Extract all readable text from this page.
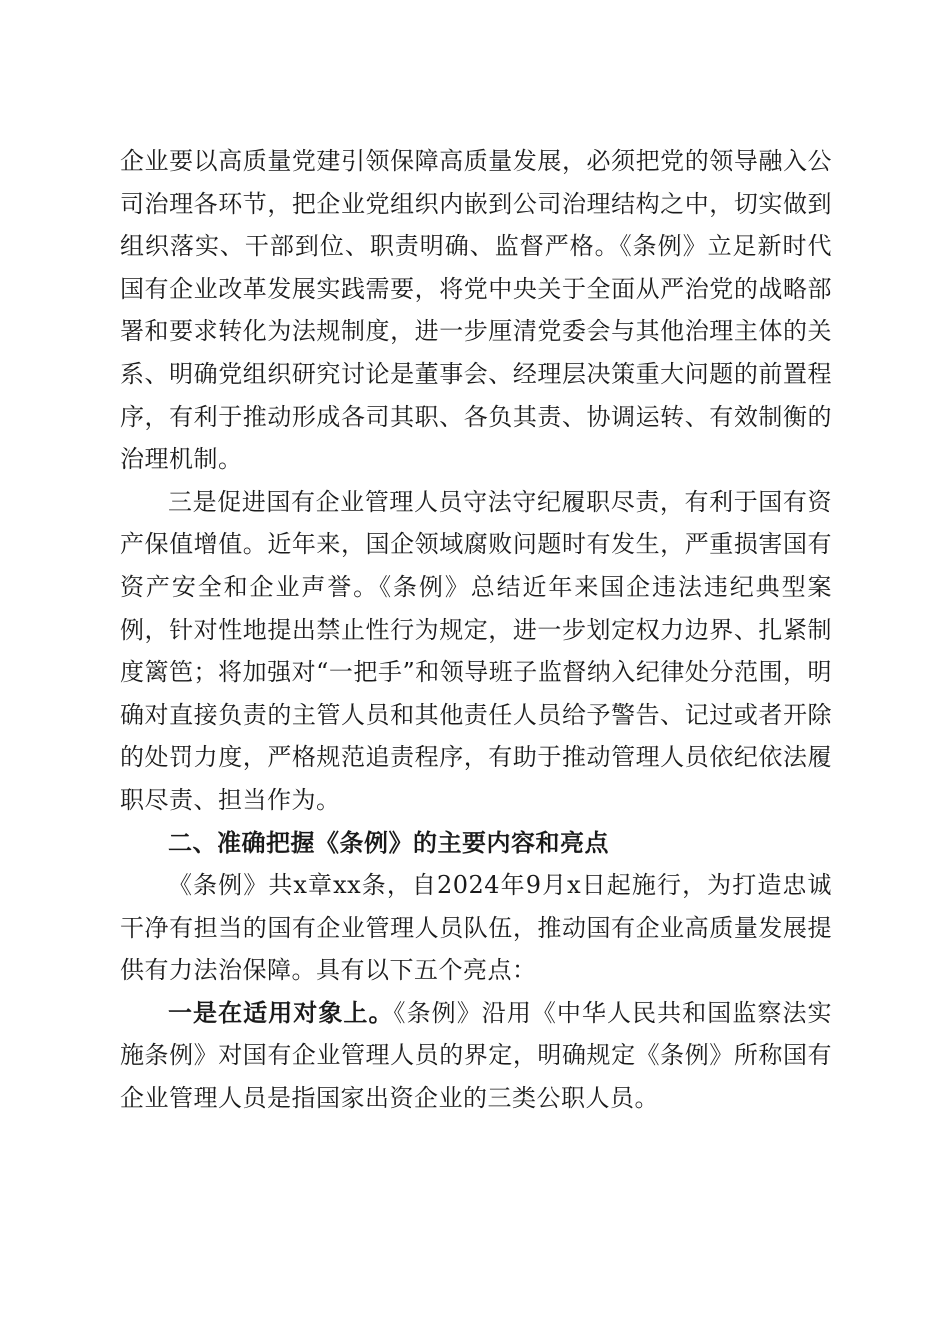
企业要以高质量党建引领保障高质量发展，必须把党的领导融入公司治理各环节，把企业党组织内嵌到公司治理结构之中，切实做到组织落实、干部到位、职责明确、监督严格。《条例》立足新时代国有企业改革发展实践需要，将党中央关于全面从严治党的战略部署和要求转化为法规制度，进一步厘清党委会与其他治理主体的关系、明确党组织研究讨论是董事会、经理层决策重大问题的前置程序，有利于推动形成各司其职、各负其责、协调运转、有效制衡的治理机制。

三是促进国有企业管理人员守法守纪履职尽责，有利于国有资产保值增值。近年来，国企领域腐败问题时有发生，严重损害国有资产安全和企业声誉。《条例》总结近年来国企违法违纪典型案例，针对性地提出禁止性行为规定，进一步划定权力边界、扎紧制度篱笆；将加强对“一把手”和领导班子监督纳入纪律处分范围，明确对直接负责的主管人员和其他责任人员给予警告、记过或者开除的处罚力度，严格规范追责程序，有助于推动管理人员依纪依法履职尽责、担当作为。

二、准确把握《条例》的主要内容和亮点

《条例》共x章xx条，自2024年9月x日起施行，为打造忠诚干净有担当的国有企业管理人员队伍，推动国有企业高质量发展提供有力法治保障。具有以下五个亮点：

一是在适用对象上。《条例》沿用《中华人民共和国监察法实施条例》对国有企业管理人员的界定，明确规定《条例》所称国有企业管理人员是指国家出资企业的三类公职人员。
